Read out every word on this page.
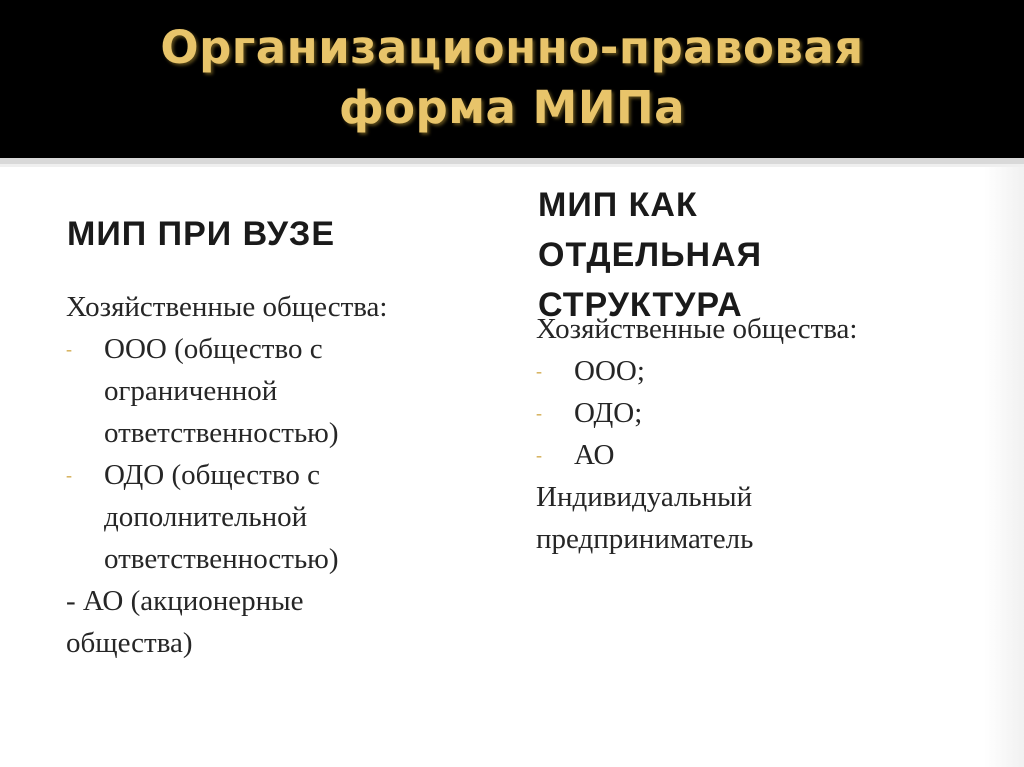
Организационно-правовая
форма МИПа
МИП ПРИ ВУЗЕ
Хозяйственные общества:
-	ООО (общество с
ограниченной
ответственностью)
-	ОДО (общество с
дополнительной
ответственностью)
- АО (акционерные
общества)
МИП КАК
ОТДЕЛЬНАЯ
СТРУКТУРА
Хозяйственные общества:
-	ООО;
-	ОДО;
-	АО
Индивидуальный
предприниматель
